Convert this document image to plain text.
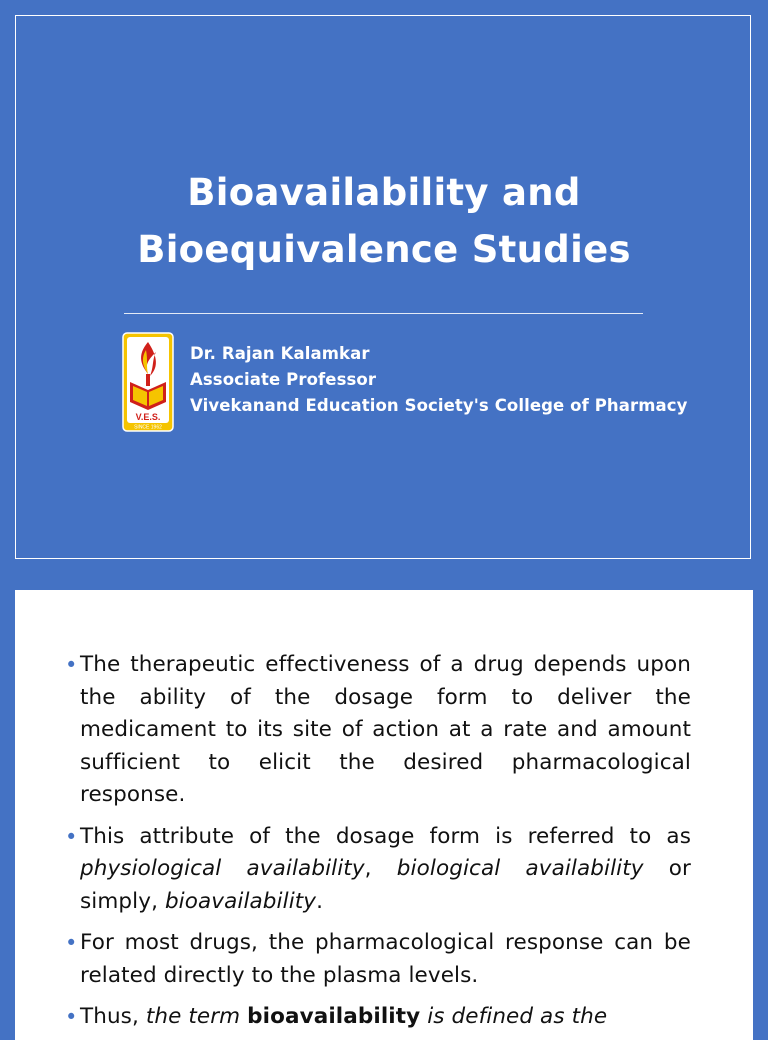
Bioavailability and
Bioequivalence Studies
V.E.S.
SINCE 1962
Dr. Rajan Kalamkar
Associate Professor
Vivekanand Education Society's College of Pharmacy
• The therapeutic effectiveness of a drug depends upon the ability of the dosage form to deliver the medicament to its site of action at a rate and amount sufficient to elicit the desired pharmacological response.
• This attribute of the dosage form is referred to as physiological availability, biological availability or simply, bioavailability.
• For most drugs, the pharmacological response can be related directly to the plasma levels.
• Thus, the term bioavailability is defined as the
